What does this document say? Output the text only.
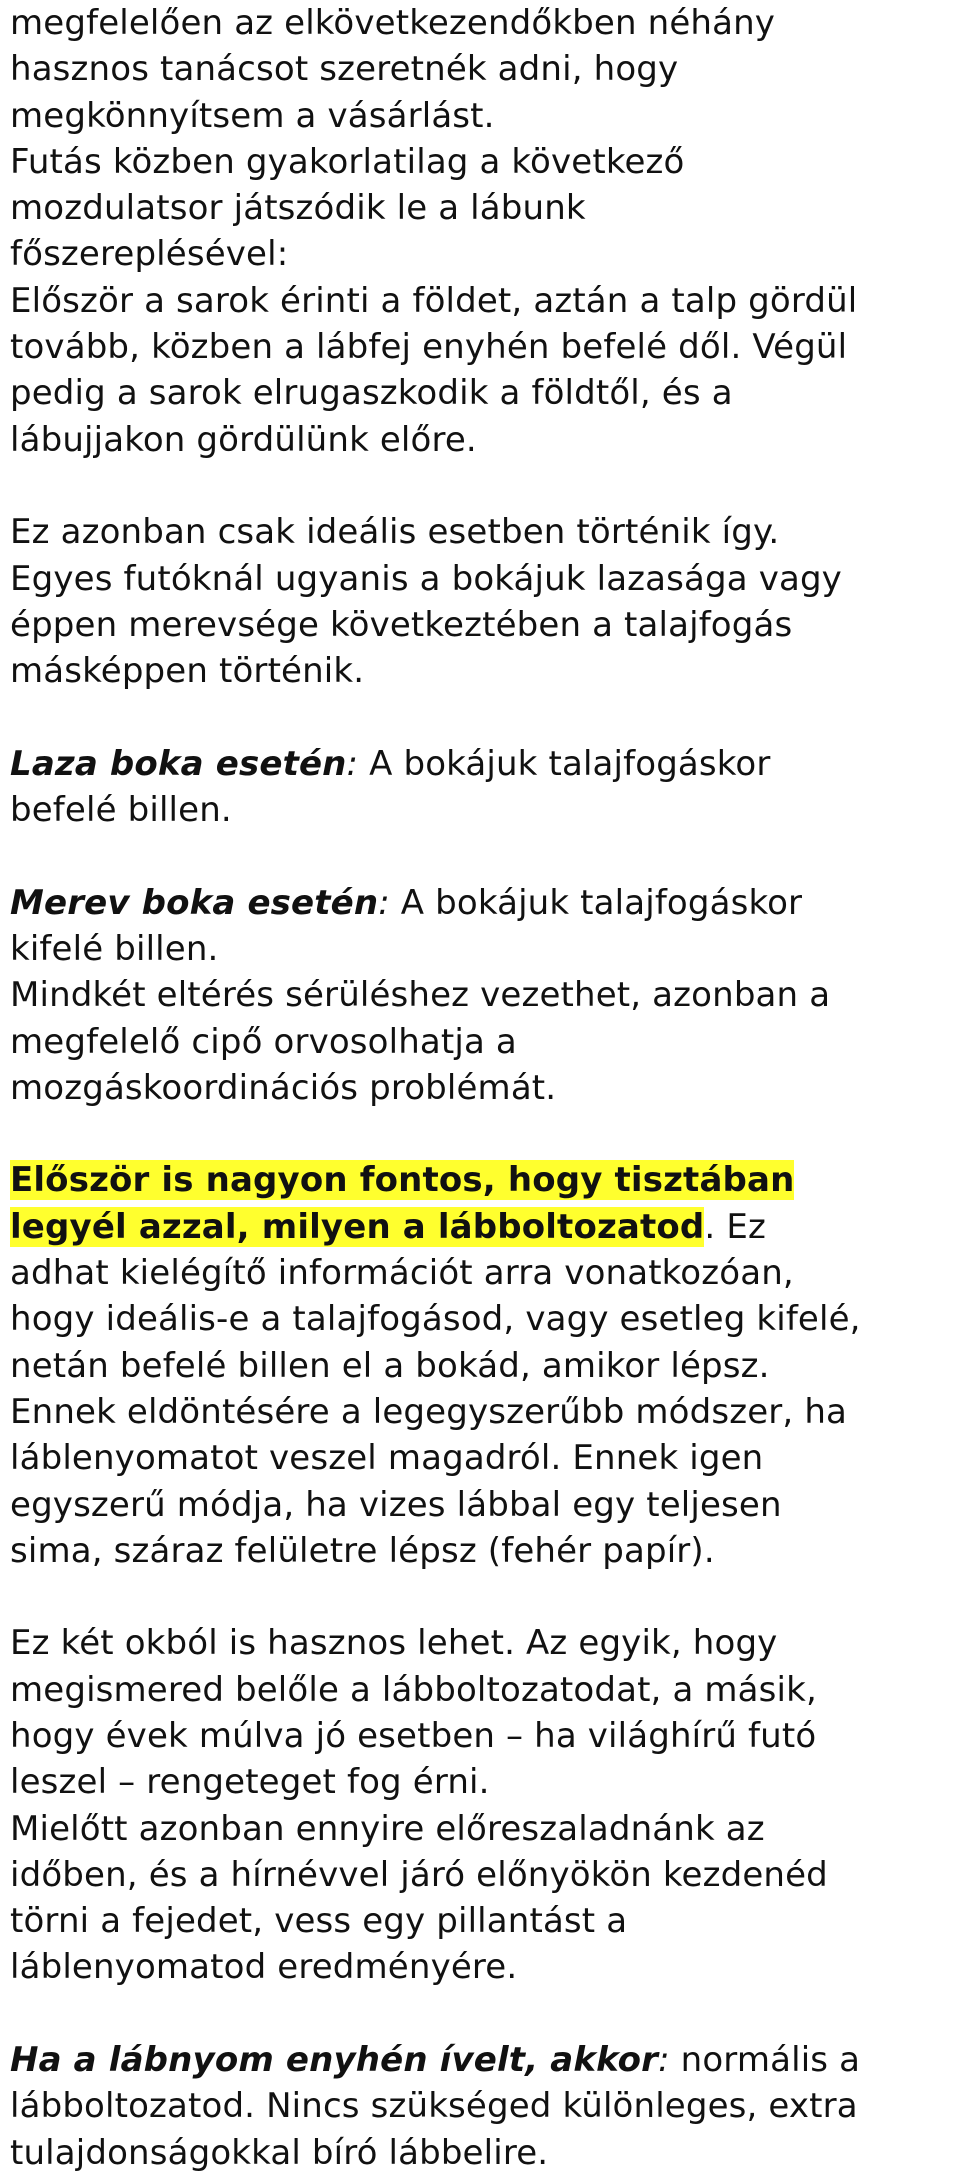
megfelelően az elkövetkezendőkben néhány
hasznos tanácsot szeretnék adni, hogy
megkönnyítsem a vásárlást.
Futás közben gyakorlatilag a következő
mozdulatsor játszódik le a lábunk
főszereplésével:
Először a sarok érinti a földet, aztán a talp gördül
tovább, közben a lábfej enyhén befelé dől. Végül
pedig a sarok elrugaszkodik a földtől, és a
lábujjakon gördülünk előre.

Ez azonban csak ideális esetben történik így.
Egyes futóknál ugyanis a bokájuk lazasága vagy
éppen merevsége következtében a talajfogás
másképpen történik.

Laza boka esetén: A bokájuk talajfogáskor
befelé billen.

Merev boka esetén: A bokájuk talajfogáskor
kifelé billen.
Mindkét eltérés sérüléshez vezethet, azonban a
megfelelő cipő orvosolhatja a
mozgáskoordinációs problémát.

Először is nagyon fontos, hogy tisztában
legyél azzal, milyen a lábboltozatod. Ez
adhat kielégítő információt arra vonatkozóan,
hogy ideális-e a talajfogásod, vagy esetleg kifelé,
netán befelé billen el a bokád, amikor lépsz.
Ennek eldöntésére a legegyszerűbb módszer, ha
láblenyomatot veszel magadról. Ennek igen
egyszerű módja, ha vizes lábbal egy teljesen
sima, száraz felületre lépsz (fehér papír).

Ez két okból is hasznos lehet. Az egyik, hogy
megismered belőle a lábboltozatodat, a másik,
hogy évek múlva jó esetben – ha világhírű futó
leszel – rengeteget fog érni.
Mielőtt azonban ennyire előreszaladnánk az
időben, és a hírnévvel járó előnyökön kezdenéd
törni a fejedet, vess egy pillantást a
láblenyomatod eredményére.

Ha a lábnyom enyhén ívelt, akkor: normális a
lábboltozatod. Nincs szükséged különleges, extra
tulajdonságokkal bíró lábbelire.
